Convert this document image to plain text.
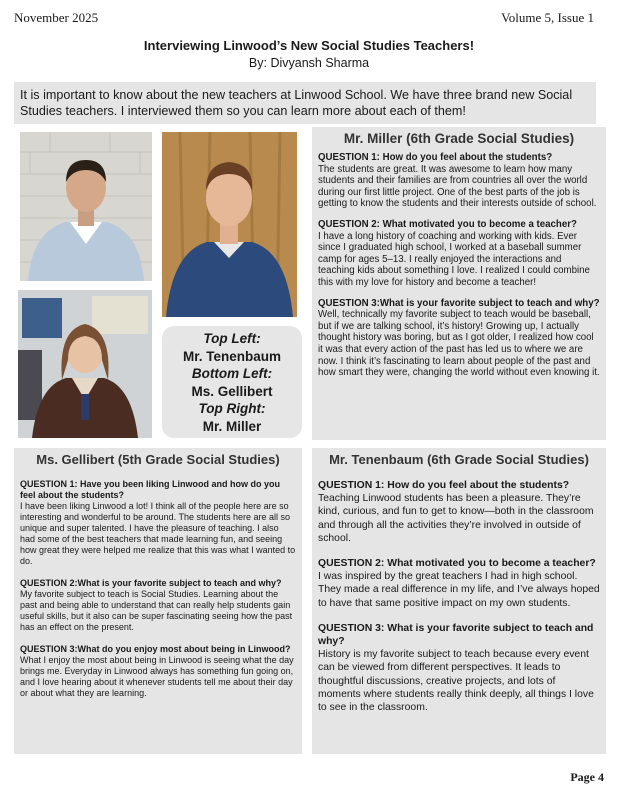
November 2025	Volume 5, Issue 1
Interviewing Linwood’s New Social Studies Teachers!
By: Divyansh Sharma
It is important to know about the new teachers at Linwood School. We have three brand new Social Studies teachers. I interviewed them so you can learn more about each of them!
Top Left:
Mr. Tenenbaum
Bottom Left:
Ms. Gellibert
Top Right:
Mr. Miller
Mr. Miller (6th Grade Social Studies)
QUESTION 1: How do you feel about the students?
The students are great. It was awesome to learn how many students and their families are from countries all over the world during our first little project. One of the best parts of the job is getting to know the students and their interests outside of school.
QUESTION 2: What motivated you to become a teacher?
I have a long history of coaching and working with kids. Ever since I graduated high school, I worked at a baseball summer camp for ages 5–13. I really enjoyed the interactions and teaching kids about something I love. I realized I could combine this with my love for history and become a teacher!
QUESTION 3:What is your favorite subject to teach and why?
Well, technically my favorite subject to teach would be baseball, but if we are talking school, it’s history! Growing up, I actually thought history was boring, but as I got older, I realized how cool it was that every action of the past has led us to where we are now. I think it’s fascinating to learn about people of the past and how smart they were, changing the world without even knowing it.
Ms. Gellibert (5th Grade Social Studies)
QUESTION 1: Have you been liking Linwood and how do you feel about the students?
I have been liking Linwood a lot! I think all of the people here are so interesting and wonderful to be around. The students here are all so unique and super talented. I have the pleasure of teaching. I also had some of the best teachers that made learning fun, and seeing how great they were helped me realize that this was what I wanted to do.
QUESTION 2:What is your favorite subject to teach and why?
My favorite subject to teach is Social Studies. Learning about the past and being able to understand that can really help students gain useful skills, but it also can be super fascinating seeing how the past has an effect on the present.
QUESTION 3:What do you enjoy most about being in Linwood?
What I enjoy the most about being in Linwood is seeing what the day brings me. Everyday in Linwood always has something fun going on, and I love hearing about it whenever students tell me about their day or about what they are learning.
Mr. Tenenbaum (6th Grade Social Studies)
QUESTION 1: How do you feel about the students?
Teaching Linwood students has been a pleasure. They’re kind, curious, and fun to get to know—both in the classroom and through all the activities they’re involved in outside of school.
QUESTION 2: What motivated you to become a teacher?
I was inspired by the great teachers I had in high school. They made a real difference in my life, and I’ve always hoped to have that same positive impact on my own students.
QUESTION 3: What is your favorite subject to teach and why?
History is my favorite subject to teach because every event can be viewed from different perspectives. It leads to thoughtful discussions, creative projects, and lots of moments where students really think deeply, all things I love to see in the classroom.
Page 4
